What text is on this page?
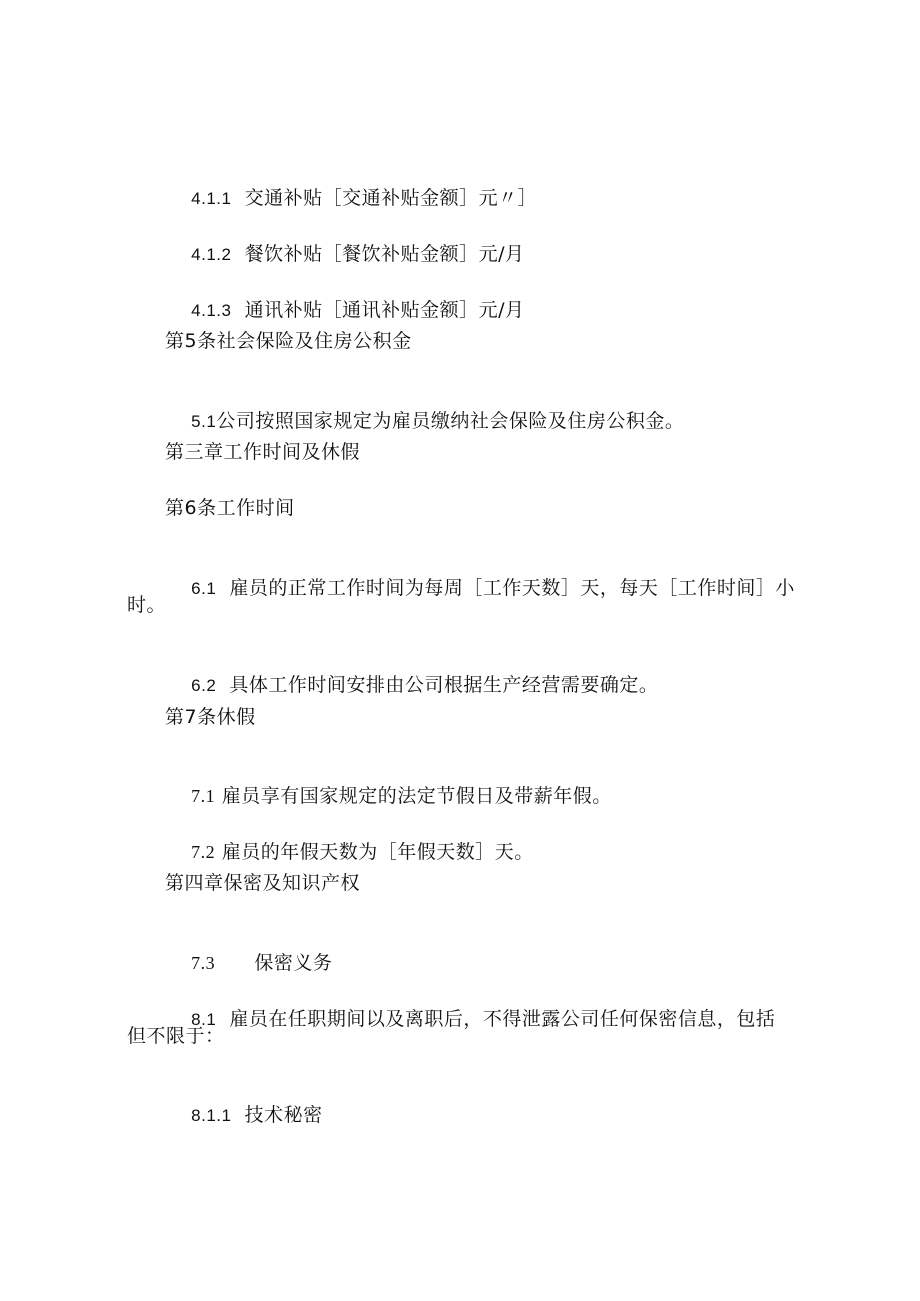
4.1.1 交通补贴［交通补贴金额］元〃］

4.1.2 餐饮补贴［餐饮补贴金额］元/月

4.1.3 通讯补贴［通讯补贴金额］元/月

第5条社会保险及住房公积金

5.1公司按照国家规定为雇员缴纳社会保险及住房公积金。

第三章工作时间及休假
第6条工作时间

6.1 雇员的正常工作时间为每周［工作天数］天，每天［工作时间］小

时。

6.2 具体工作时间安排由公司根据生产经营需要确定。

第7条休假

7.1 雇员享有国家规定的法定节假日及带薪年假。

7.2 雇员的年假天数为［年假天数］天。

第四章保密及知识产权

7.3 保密义务

8.1 雇员在任职期间以及离职后，不得泄露公司任何保密信息，包括

但不限于：

8.1.1 技术秘密
